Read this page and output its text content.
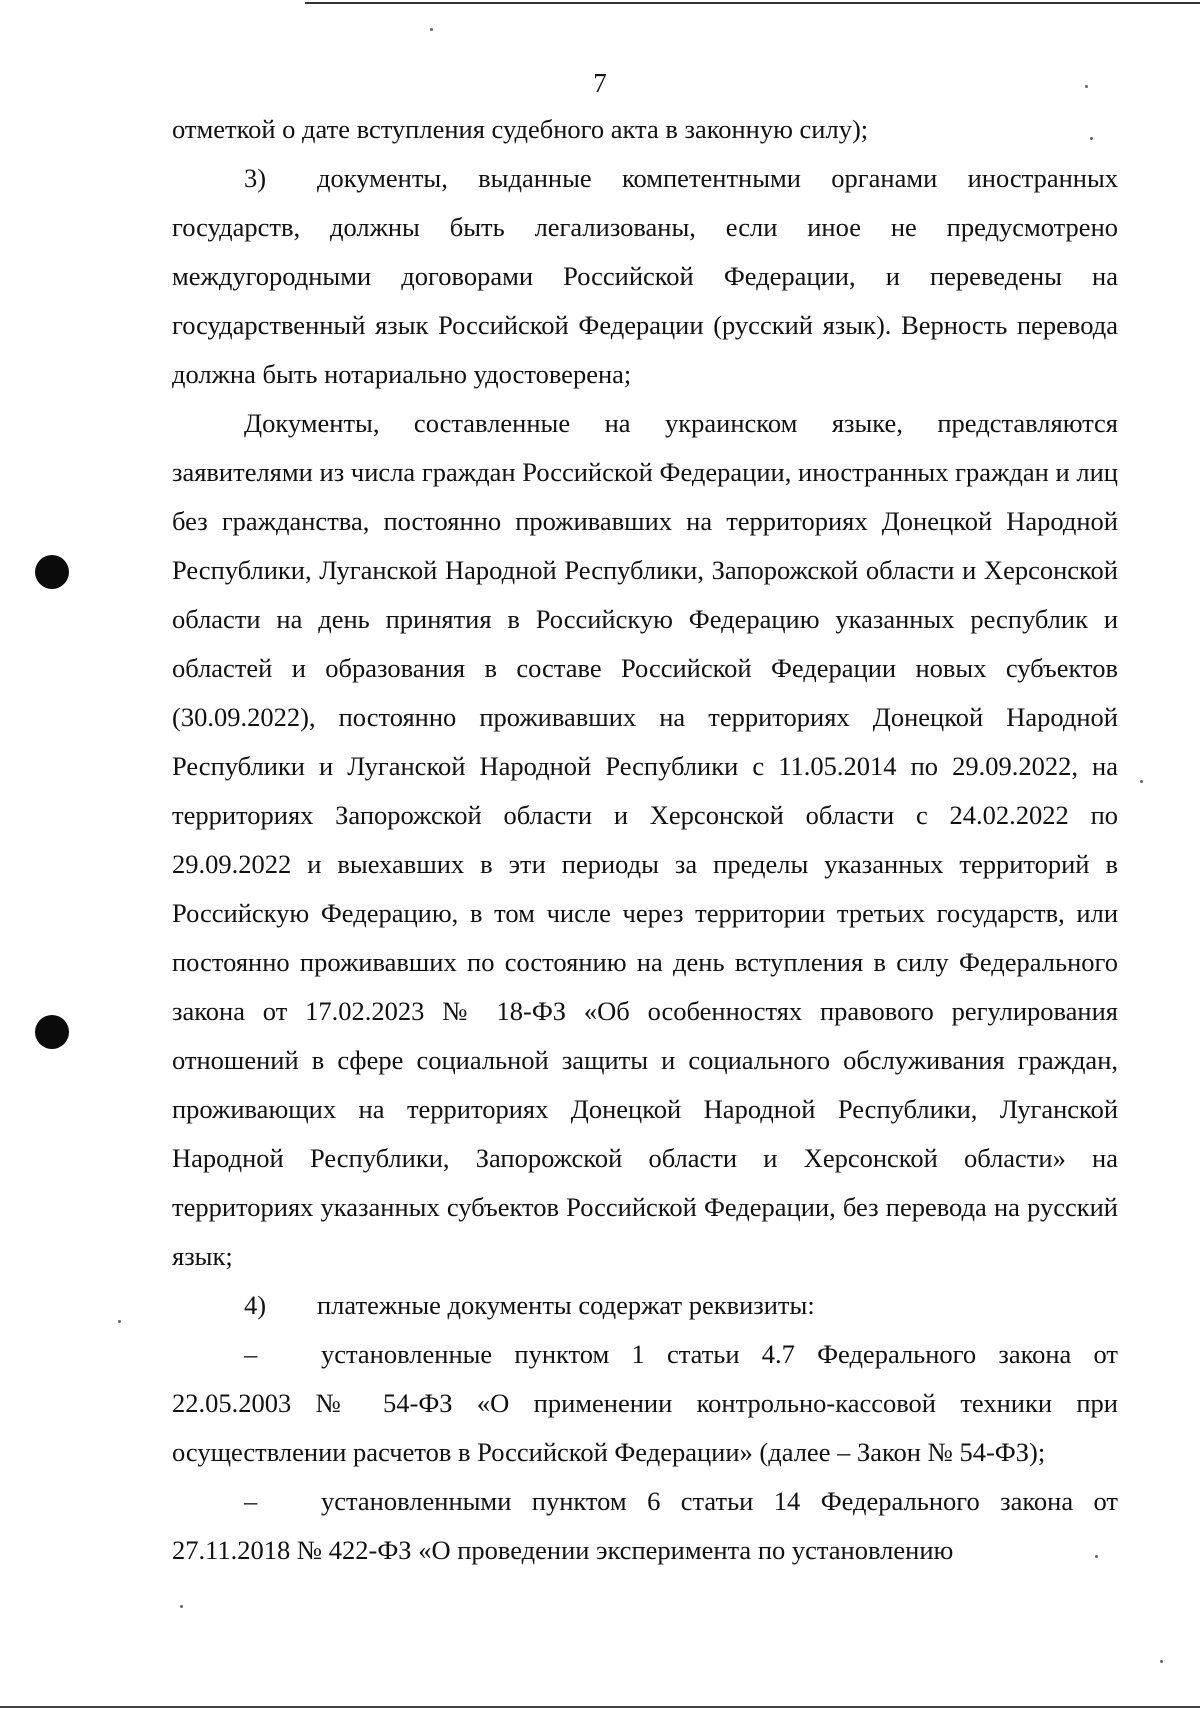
7

отметкой о дате вступления судебного акта в законную силу);

3) документы, выданные компетентными органами иностранных государств, должны быть легализованы, если иное не предусмотрено междугородными договорами Российской Федерации, и переведены на государственный язык Российской Федерации (русский язык). Верность перевода должна быть нотариально удостоверена;

Документы, составленные на украинском языке, представляются заявителями из числа граждан Российской Федерации, иностранных граждан и лиц без гражданства, постоянно проживавших на территориях Донецкой Народной Республики, Луганской Народной Республики, Запорожской области и Херсонской области на день принятия в Российскую Федерацию указанных республик и областей и образования в составе Российской Федерации новых субъектов (30.09.2022), постоянно проживавших на территориях Донецкой Народной Республики и Луганской Народной Республики с 11.05.2014 по 29.09.2022, на территориях Запорожской области и Херсонской области с 24.02.2022 по 29.09.2022 и выехавших в эти периоды за пределы указанных территорий в Российскую Федерацию, в том числе через территории третьих государств, или постоянно проживавших по состоянию на день вступления в силу Федерального закона от 17.02.2023 № 18-ФЗ «Об особенностях правового регулирования отношений в сфере социальной защиты и социального обслуживания граждан, проживающих на территориях Донецкой Народной Республики, Луганской Народной Республики, Запорожской области и Херсонской области» на территориях указанных субъектов Российской Федерации, без перевода на русский язык;

4) платежные документы содержат реквизиты:

– установленные пунктом 1 статьи 4.7 Федерального закона от 22.05.2003 № 54-ФЗ «О применении контрольно-кассовой техники при осуществлении расчетов в Российской Федерации» (далее – Закон № 54-ФЗ);

– установленными пунктом 6 статьи 14 Федерального закона от 27.11.2018 № 422-ФЗ «О проведении эксперимента по установлению
